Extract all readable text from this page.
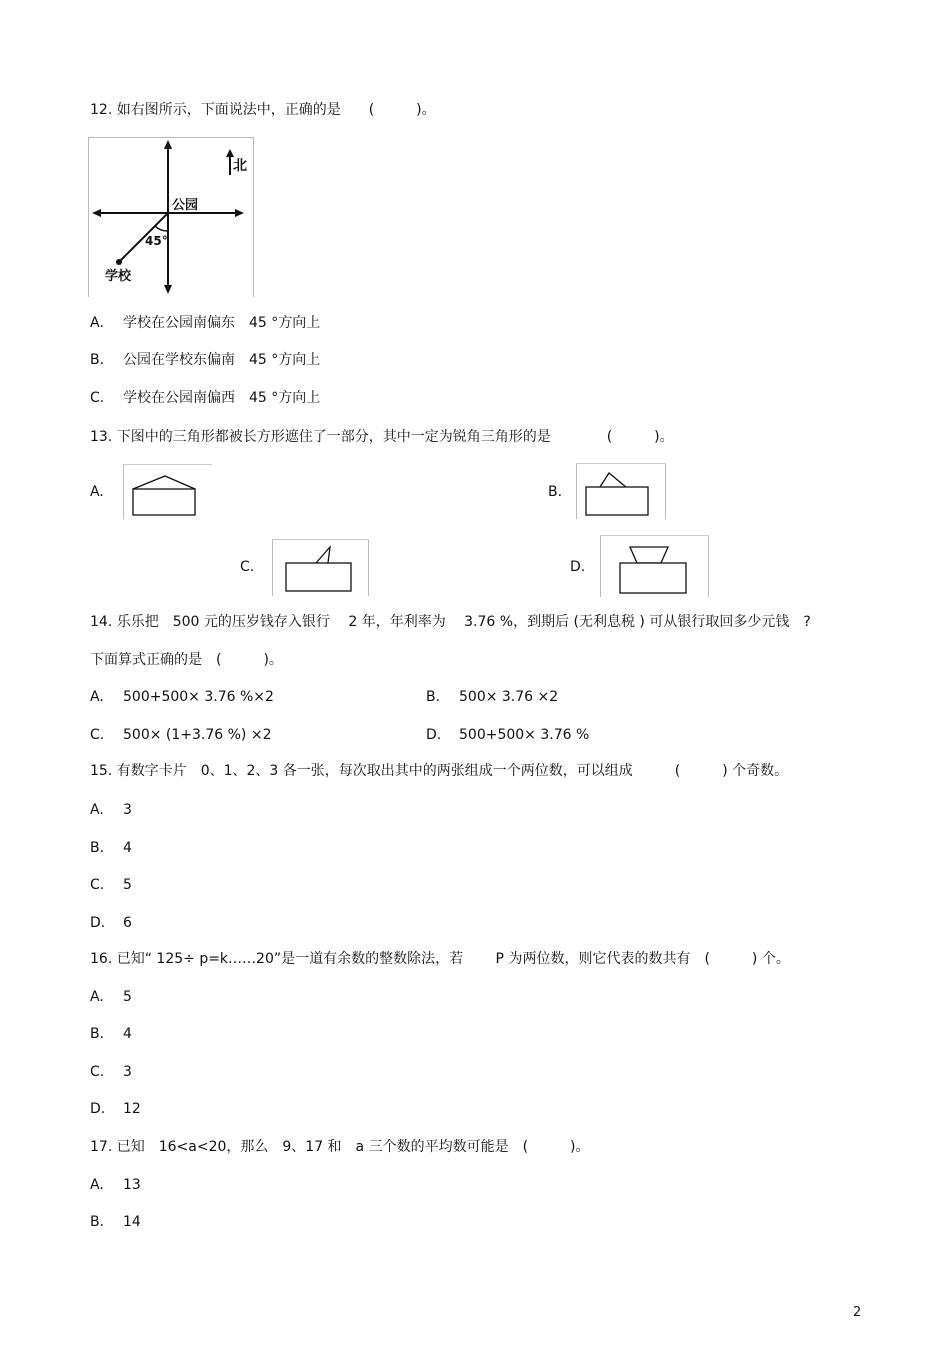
12. 如右图所示，下面说法中，正确的是　　(　　　)。
北
公园
45°
学校
A. 学校在公园南偏东　45 °方向上
B. 公园在学校东偏南　45 °方向上
C. 学校在公园南偏西　45 °方向上
13. 下图中的三角形都被长方形遮住了一部分，其中一定为锐角三角形的是　　　　(　　　)。
A.	B.
C.	D.
14. 乐乐把　500 元的压岁钱存入银行　 2 年，年利率为　 3.76 %，到期后 (无利息税 ) 可从银行取回多少元钱　?
下面算式正确的是　(　　　)。
A. 500+500× 3.76 %×2	B. 500× 3.76 ×2
C. 500× (1+3.76 %) ×2	D. 500+500× 3.76 %
15. 有数字卡片　0、1、2、3 各一张，每次取出其中的两张组成一个两位数，可以组成　　　(　　　) 个奇数。
A. 3
B. 4
C. 5
D. 6
16. 已知“ 125÷ p=k……20”是一道有余数的整数除法，若　　 P 为两位数，则它代表的数共有　(　　　) 个。
A. 5
B. 4
C. 3
D. 12
17. 已知　16<a<20，那么　9、17 和　a 三个数的平均数可能是　(　　　)。
A. 13
B. 14
2
